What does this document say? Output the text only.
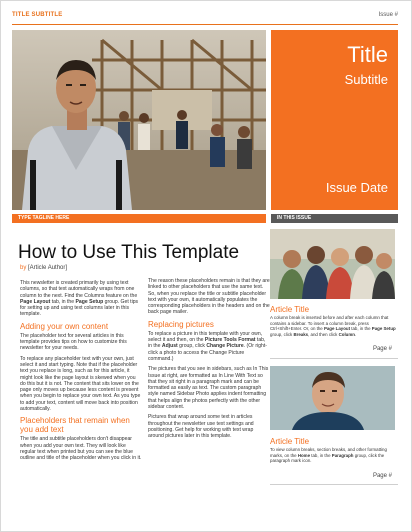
TITLE SUBTITLE	Issue #
Title
Subtitle
Issue Date
TYPE TAGLINE HERE	IN THIS ISSUE
How to Use This Template
by [Article Author]

This newsletter is created primarily by using text columns, so that text automatically wraps from one column to the next. Find the Columns feature on the Page Layout tab, in the Page Setup group. Get tips for setting up and using text columns later in this template.

Adding your own content

The placeholder text for several articles in this template provides tips on how to customize this newsletter for your needs.

To replace any placeholder text with your own, just select it and start typing. Note that if the placeholder text you replace is long, such as for this article, it might look like the page layout is skewed when you do this but it is not. The content that sits lower on the page only moves up because less content is present when you begin to replace your own text. As you type to add your text, content will move back into position automatically.

Placeholders that remain when you add text

The title and subtitle placeholders don't disappear when you add your own text. They will look like regular text when printed but you can see the blue outline and title of the placeholder when you click in it.

The reason these placeholders remain is that they are linked to other placeholders that use the same text. So, when you replace the title or subtitle placeholder text with your own, it automatically populates the corresponding placeholders in the headers and on the back page mailer.

Replacing pictures

To replace a picture in this template with your own, select it and then, on the Picture Tools Format tab, in the Adjust group, click Change Picture. (Or right-click a photo to access the Change Picture command.)

The pictures that you see in sidebars, such as In This Issue at right, are formatted as In Line With Text so that they sit right in a paragraph mark and can be formatted as easily as text. The custom paragraph style named Sidebar Photo applies indent formatting that helps align the photos perfectly with the other sidebar content.

Pictures that wrap around some text in articles throughout the newsletter use text settings and positioning. Get help for working with text wrap around pictures later in this template.

Article Title
A column break is inserted before and after each column that contains a sidebar. To insert a column break, press Ctrl+Shift+Enter. Or, on the Page Layout tab, in the Page Setup group, click Breaks, and then click Column.
Page #
Article Title
To view column breaks, section breaks, and other formatting marks, on the Home tab, in the Paragraph group, click the paragraph mark icon.
Page #
